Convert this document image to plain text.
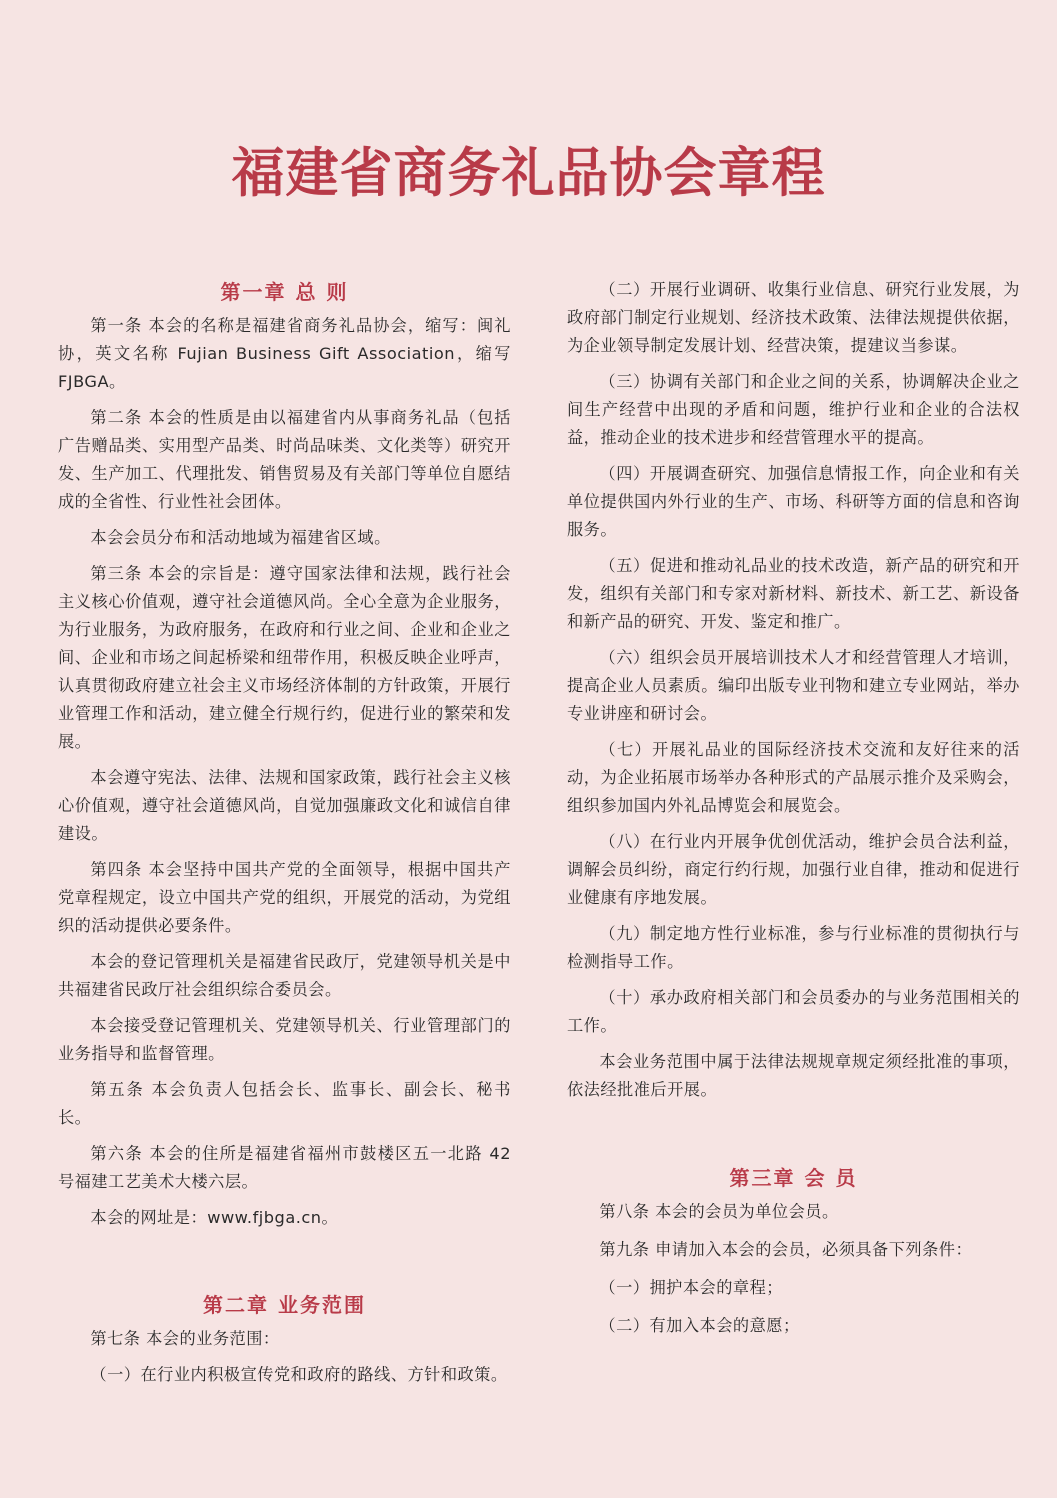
福建省商务礼品协会章程
第一章 总 则

第一条 本会的名称是福建省商务礼品协会，缩写：闽礼协，英文名称 Fujian Business Gift Association，缩写 FJBGA。

第二条 本会的性质是由以福建省内从事商务礼品（包括广告赠品类、实用型产品类、时尚品味类、文化类等）研究开发、生产加工、代理批发、销售贸易及有关部门等单位自愿结成的全省性、行业性社会团体。

本会会员分布和活动地域为福建省区域。

第三条 本会的宗旨是：遵守国家法律和法规，践行社会主义核心价值观，遵守社会道德风尚。全心全意为企业服务，为行业服务，为政府服务，在政府和行业之间、企业和企业之间、企业和市场之间起桥梁和纽带作用，积极反映企业呼声，认真贯彻政府建立社会主义市场经济体制的方针政策，开展行业管理工作和活动，建立健全行规行约，促进行业的繁荣和发展。

本会遵守宪法、法律、法规和国家政策，践行社会主义核心价值观，遵守社会道德风尚，自觉加强廉政文化和诚信自律建设。

第四条 本会坚持中国共产党的全面领导，根据中国共产党章程规定，设立中国共产党的组织，开展党的活动，为党组织的活动提供必要条件。

本会的登记管理机关是福建省民政厅，党建领导机关是中共福建省民政厅社会组织综合委员会。

本会接受登记管理机关、党建领导机关、行业管理部门的业务指导和监督管理。

第五条 本会负责人包括会长、监事长、副会长、秘书长。

第六条 本会的住所是福建省福州市鼓楼区五一北路 42 号福建工艺美术大楼六层。

本会的网址是：www.fjbga.cn。

第二章 业务范围

第七条 本会的业务范围：

（一）在行业内积极宣传党和政府的路线、方针和政策。

（二）开展行业调研、收集行业信息、研究行业发展，为政府部门制定行业规划、经济技术政策、法律法规提供依据，为企业领导制定发展计划、经营决策，提建议当参谋。

（三）协调有关部门和企业之间的关系，协调解决企业之间生产经营中出现的矛盾和问题，维护行业和企业的合法权益，推动企业的技术进步和经营管理水平的提高。

（四）开展调查研究、加强信息情报工作，向企业和有关单位提供国内外行业的生产、市场、科研等方面的信息和咨询服务。

（五）促进和推动礼品业的技术改造，新产品的研究和开发，组织有关部门和专家对新材料、新技术、新工艺、新设备和新产品的研究、开发、鉴定和推广。

（六）组织会员开展培训技术人才和经营管理人才培训，提高企业人员素质。编印出版专业刊物和建立专业网站，举办专业讲座和研讨会。

（七）开展礼品业的国际经济技术交流和友好往来的活动，为企业拓展市场举办各种形式的产品展示推介及采购会，组织参加国内外礼品博览会和展览会。

（八）在行业内开展争优创优活动，维护会员合法利益，调解会员纠纷，商定行约行规，加强行业自律，推动和促进行业健康有序地发展。

（九）制定地方性行业标准，参与行业标准的贯彻执行与检测指导工作。

（十）承办政府相关部门和会员委办的与业务范围相关的工作。

本会业务范围中属于法律法规规章规定须经批准的事项，依法经批准后开展。

第三章 会 员

第八条 本会的会员为单位会员。

第九条 申请加入本会的会员，必须具备下列条件：

（一）拥护本会的章程；

（二）有加入本会的意愿；
